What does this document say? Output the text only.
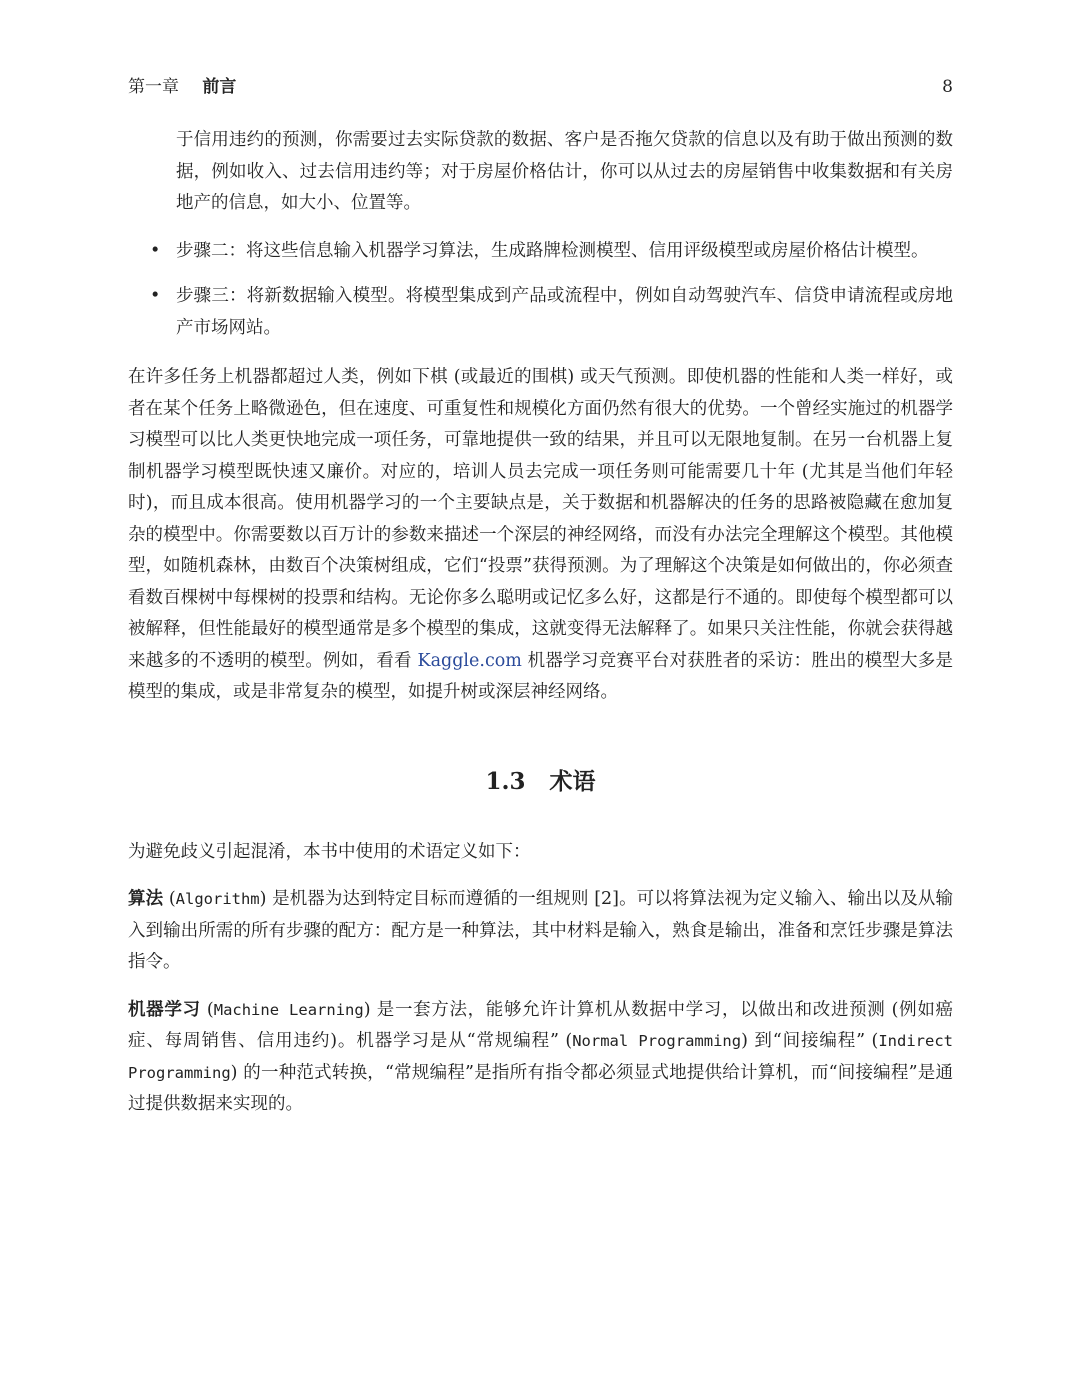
第一章 前言	8

于信用违约的预测，你需要过去实际贷款的数据、客户是否拖欠贷款的信息以及有助于做出预测的数据，例如收入、过去信用违约等；对于房屋价格估计，你可以从过去的房屋销售中收集数据和有关房地产的信息，如大小、位置等。

• 步骤二：将这些信息输入机器学习算法，生成路牌检测模型、信用评级模型或房屋价格估计模型。
• 步骤三：将新数据输入模型。将模型集成到产品或流程中，例如自动驾驶汽车、信贷申请流程或房地产市场网站。

在许多任务上机器都超过人类，例如下棋 (或最近的围棋) 或天气预测。即使机器的性能和人类一样好，或者在某个任务上略微逊色，但在速度、可重复性和规模化方面仍然有很大的优势。一个曾经实施过的机器学习模型可以比人类更快地完成一项任务，可靠地提供一致的结果，并且可以无限地复制。在另一台机器上复制机器学习模型既快速又廉价。对应的，培训人员去完成一项任务则可能需要几十年 (尤其是当他们年轻时)，而且成本很高。使用机器学习的一个主要缺点是，关于数据和机器解决的任务的思路被隐藏在愈加复杂的模型中。你需要数以百万计的参数来描述一个深层的神经网络，而没有办法完全理解这个模型。其他模型，如随机森林，由数百个决策树组成，它们“投票”获得预测。为了理解这个决策是如何做出的，你必须查看数百棵树中每棵树的投票和结构。无论你多么聪明或记忆多么好，这都是行不通的。即使每个模型都可以被解释，但性能最好的模型通常是多个模型的集成，这就变得无法解释了。如果只关注性能，你就会获得越来越多的不透明的模型。例如，看看 Kaggle.com 机器学习竞赛平台对获胜者的采访：胜出的模型大多是模型的集成，或是非常复杂的模型，如提升树或深层神经网络。

1.3 术语

为避免歧义引起混淆，本书中使用的术语定义如下：

算法 (Algorithm) 是机器为达到特定目标而遵循的一组规则 [2]。可以将算法视为定义输入、输出以及从输入到输出所需的所有步骤的配方：配方是一种算法，其中材料是输入，熟食是输出，准备和烹饪步骤是算法指令。

机器学习 (Machine Learning) 是一套方法，能够允许计算机从数据中学习，以做出和改进预测 (例如癌症、每周销售、信用违约)。机器学习是从“常规编程” (Normal Programming) 到“间接编程” (Indirect Programming) 的一种范式转换，“常规编程”是指所有指令都必须显式地提供给计算机，而“间接编程”是通过提供数据来实现的。
